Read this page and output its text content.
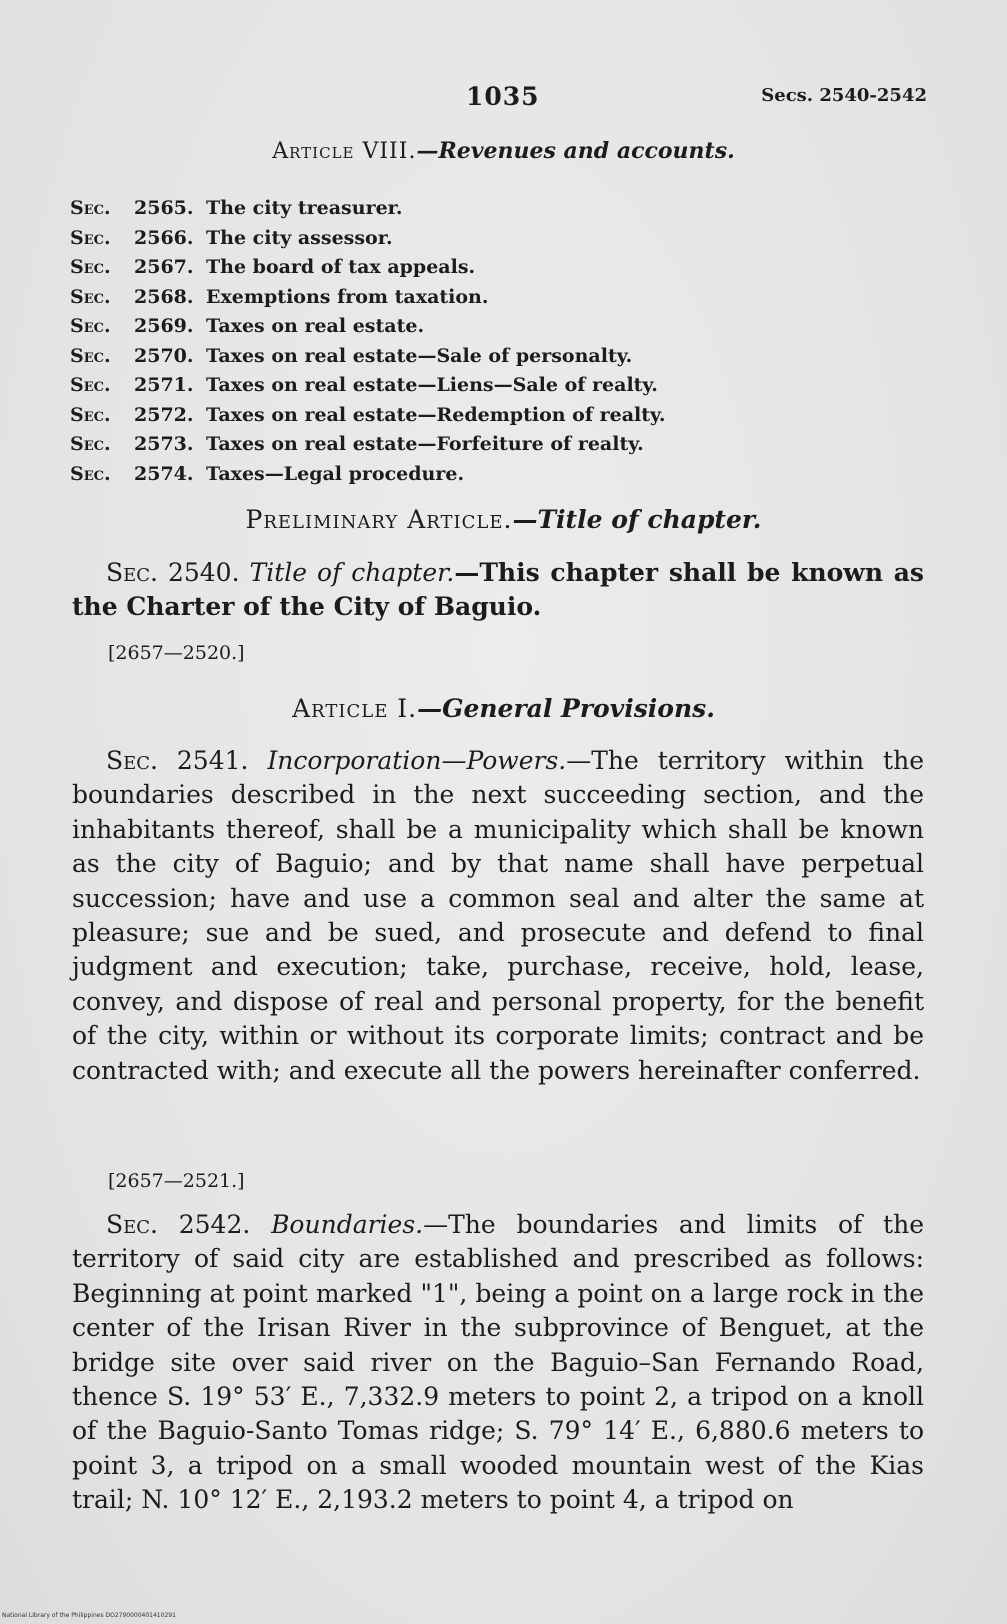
1035	Secs. 2540-2542
Article VIII.—Revenues and accounts.
Sec. 2565. The city treasurer.
Sec. 2566. The city assessor.
Sec. 2567. The board of tax appeals.
Sec. 2568. Exemptions from taxation.
Sec. 2569. Taxes on real estate.
Sec. 2570. Taxes on real estate—Sale of personalty.
Sec. 2571. Taxes on real estate—Liens—Sale of realty.
Sec. 2572. Taxes on real estate—Redemption of realty.
Sec. 2573. Taxes on real estate—Forfeiture of realty.
Sec. 2574. Taxes—Legal procedure.
Preliminary Article.—Title of chapter.
Sec. 2540. Title of chapter.—This chapter shall be known as the Charter of the City of Baguio.
[2657—2520.]
Article I.—General Provisions.
Sec. 2541. Incorporation—Powers.—The territory within the boundaries described in the next succeeding section, and the inhabitants thereof, shall be a municipality which shall be known as the city of Baguio; and by that name shall have perpetual succession; have and use a common seal and alter the same at pleasure; sue and be sued, and prosecute and defend to final judgment and execution; take, purchase, receive, hold, lease, convey, and dispose of real and personal property, for the benefit of the city, within or without its corporate limits; contract and be contracted with; and execute all the powers hereinafter conferred.
[2657—2521.]
Sec. 2542. Boundaries.—The boundaries and limits of the territory of said city are established and prescribed as follows: Beginning at point marked "1", being a point on a large rock in the center of the Irisan River in the subprovince of Benguet, at the bridge site over said river on the Baguio–San Fernando Road, thence S. 19° 53′ E., 7,332.9 meters to point 2, a tripod on a knoll of the Baguio-Santo Tomas ridge; S. 79° 14′ E., 6,880.6 meters to point 3, a tripod on a small wooded mountain west of the Kias trail; N. 10° 12′ E., 2,193.2 meters to point 4, a tripod on
National Library of the Philippines DO2790000401410291
